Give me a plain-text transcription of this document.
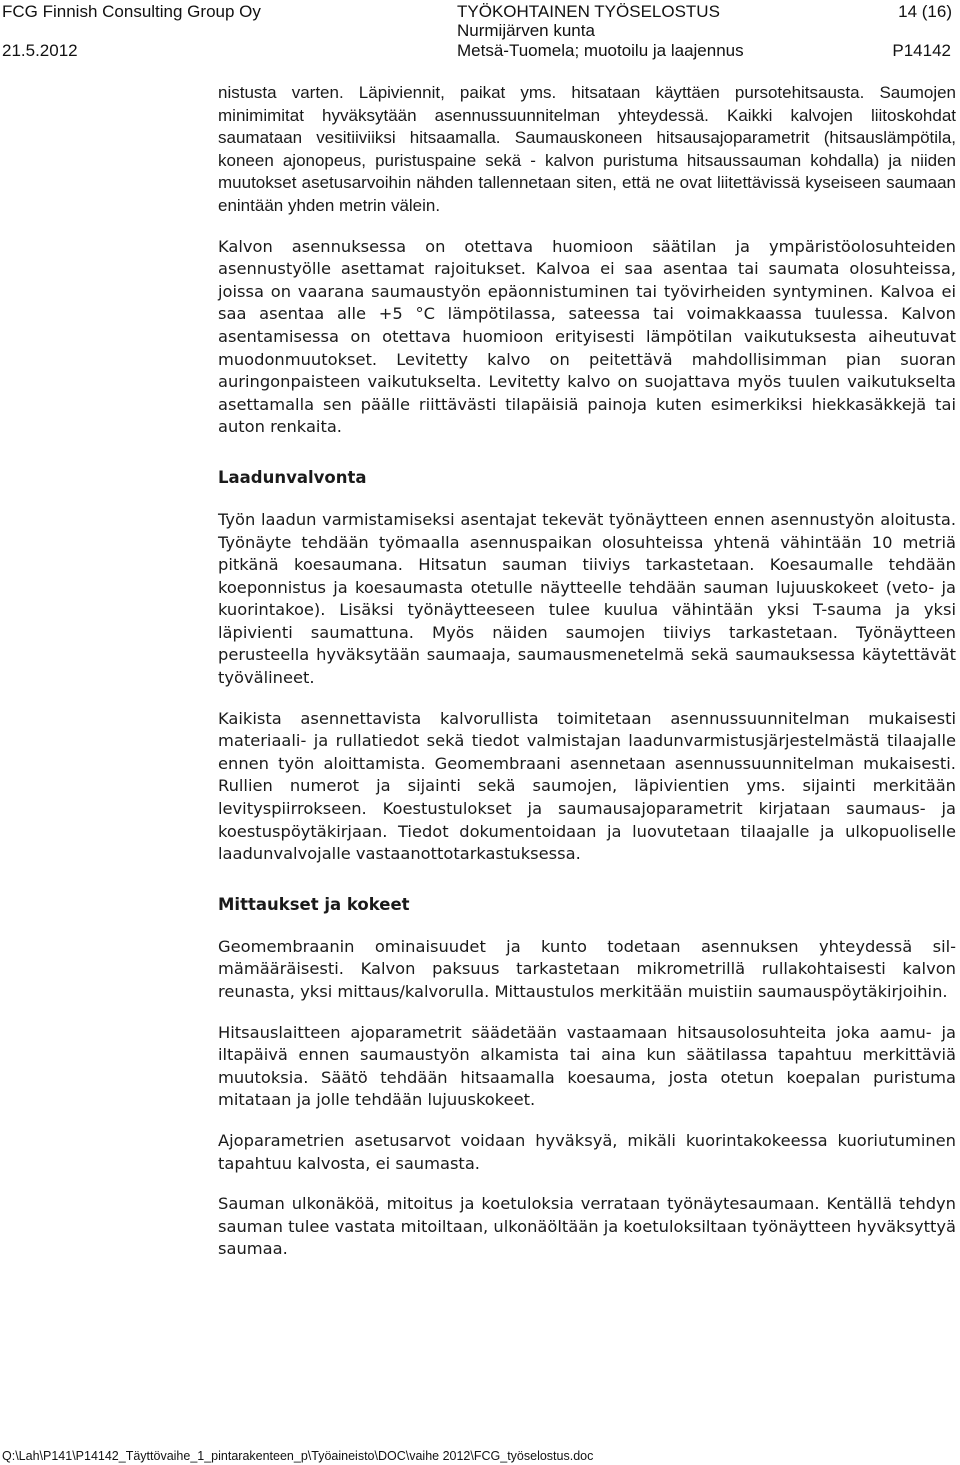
FCG Finnish Consulting Group Oy
21.5.2012
TYÖKOHTAINEN TYÖSELOSTUS
Nurmijärven kunta
Metsä-Tuomela; muotoilu ja laajennus
14 (16)
P14142

nistusta varten. Läpiviennit, paikat yms. hitsataan käyttäen pursotehitsausta. Saumojen minimimitat hyväksytään asennussuunnitelman yhteydessä. Kaikki kalvojen liitoskohdat saumataan vesitiiviiksi hitsaamalla. Saumauskoneen hitsausajoparametrit (hitsauslämpötila, koneen ajonopeus, puristuspaine sekä - kalvon puristuma hitsaussauman kohdalla) ja niiden muutokset asetusarvoihin nähden tallennetaan siten, että ne ovat liitettävissä kyseiseen saumaan enintään yhden metrin välein.

Kalvon asennuksessa on otettava huomioon säätilan ja ympäristöolosuhteiden asennustyölle asettamat rajoitukset. Kalvoa ei saa asentaa tai saumata olosuhteissa, joissa on vaarana saumaustyön epäonnistuminen tai työvirheiden syntyminen. Kalvoa ei saa asentaa alle +5 °C lämpötilassa, sateessa tai voimakkaassa tuulessa. Kalvon asentamisessa on otettava huomioon erityisesti lämpötilan vaikutuksesta aiheutuvat muodonmuutokset. Levitetty kalvo on peitettävä mahdollisimman pian suoran auringonpaisteen vaikutukselta. Levitetty kalvo on suojattava myös tuulen vaikutukselta asettamalla sen päälle riittävästi tilapäisiä painoja kuten esimerkiksi hiekkasäkkejä tai auton renkaita.

Laadunvalvonta

Työn laadun varmistamiseksi asentajat tekevät työnäytteen ennen asennustyön aloitusta. Työnäyte tehdään työmaalla asennuspaikan olosuhteissa yhtenä vähintään 10 metriä pitkänä koesaumana. Hitsatun sauman tiiviys tarkastetaan. Koesaumalle tehdään koeponnistus ja koesaumasta otetulle näytteelle tehdään sauman lujuuskokeet (veto- ja kuorintakoe). Lisäksi työnäytteeseen tulee kuulua vähintään yksi T-sauma ja yksi läpivienti saumattuna. Myös näiden saumojen tiiviys tarkastetaan. Työnäytteen perusteella hyväksytään saumaaja, saumausmenetelmä sekä saumauksessa käytettävät työvälineet.

Kaikista asennettavista kalvorullista toimitetaan asennussuunnitelman mukaisesti materiaali- ja rullatiedot sekä tiedot valmistajan laadunvarmistusjärjestelmästä tilaajalle ennen työn aloittamista. Geomembraani asennetaan asennussuunnitelman mukaisesti. Rullien numerot ja sijainti sekä saumojen, läpivientien yms. sijainti merkitään levityspiirrokseen. Koestustulokset ja saumausajoparametrit kirjataan saumaus- ja koestuspöytäkirjaan. Tiedot dokumentoidaan ja luovutetaan tilaajalle ja ulkopuoliselle laadunvalvojalle vastaanottotarkastuksessa.

Mittaukset ja kokeet

Geomembraanin ominaisuudet ja kunto todetaan asennuksen yhteydessä silmämääräisesti. Kalvon paksuus tarkastetaan mikrometrillä rullakohtaisesti kalvon reunasta, yksi mittaus/kalvorulla. Mittaustulos merkitään muistiin saumauspöytäkirjoihin.

Hitsauslaitteen ajoparametrit säädetään vastaamaan hitsausolosuhteita joka aamu- ja iltapäivä ennen saumaustyön alkamista tai aina kun säätilassa tapahtuu merkittäviä muutoksia. Säätö tehdään hitsaamalla koesauma, josta otetun koepalan puristuma mitataan ja jolle tehdään lujuuskokeet.

Ajoparametrien asetusarvot voidaan hyväksyä, mikäli kuorintakokeessa kuoriutuminen tapahtuu kalvosta, ei saumasta.

Sauman ulkonäköä, mitoitus ja koetuloksia verrataan työnäytesaumaan. Kentällä tehdyn sauman tulee vastata mitoiltaan, ulkonäöltään ja koetuloksiltaan työnäytteen hyväksyttyä saumaa.

Q:\Lah\P141\P14142_Täyttövaihe_1_pintarakenteen_p\Työaineisto\DOC\vaihe 2012\FCG_työselostus.doc
